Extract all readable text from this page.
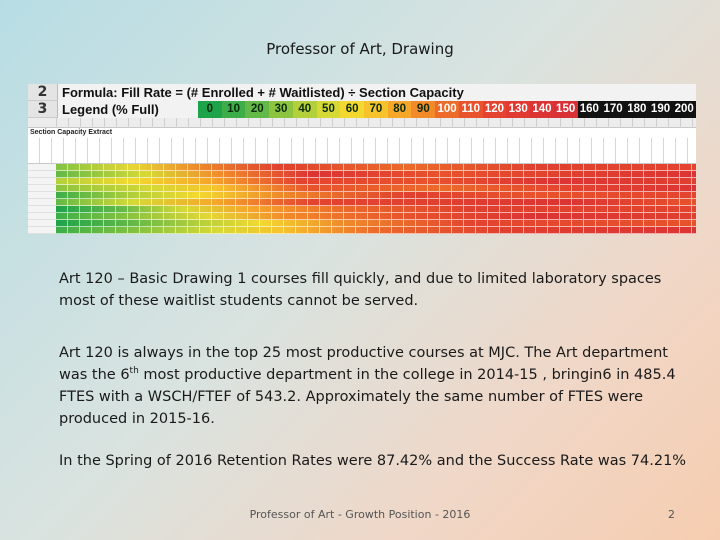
Professor of Art, Drawing
2	Formula: Fill Rate = (# Enrolled + # Waitlisted) ÷ Section Capacity
3	Legend (% Full)	0	10 20 30 40 50 60 70 80 90 100 110 120 130 140 150 160 170 180 190 200
Section Capacity Extract
Art 120 – Basic Drawing 1 courses fill quickly, and due to limited laboratory spaces most of these waitlist students cannot be served.
Art 120 is always in the top 25 most productive courses at MJC. The Art department was the 6th most productive department in the college in 2014-15 , bringin6 in 485.4 FTES with a WSCH/FTEF of 543.2. Approximately the same number of FTES were produced in 2015-16.
In the Spring of 2016 Retention Rates were 87.42% and the Success Rate was 74.21%
Professor of Art - Growth Position - 2016	2
